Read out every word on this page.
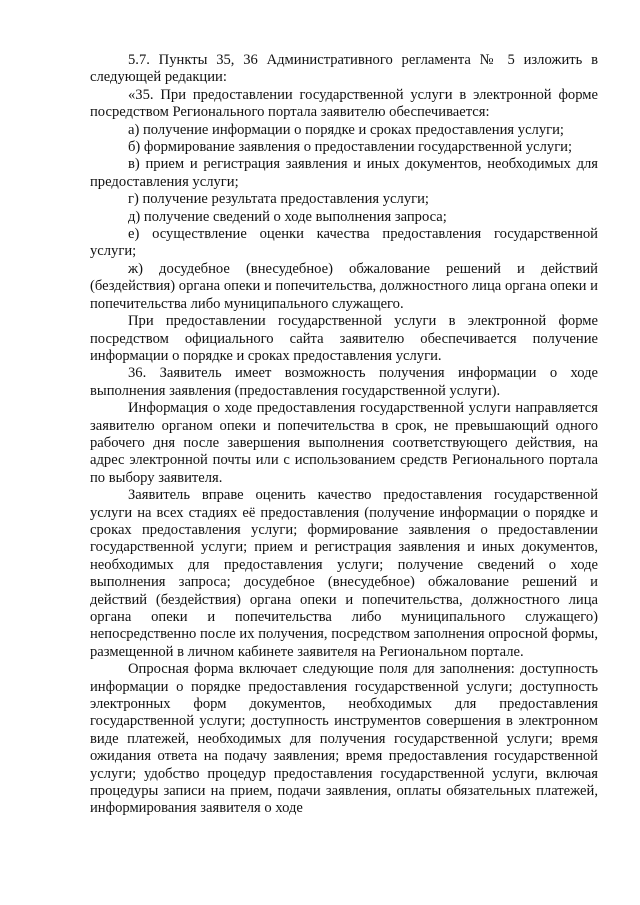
5.7. Пункты 35, 36 Административного регламента № 5 изложить в следующей редакции:

«35. При предоставлении государственной услуги в электронной форме посредством Регионального портала заявителю обеспечивается:

а) получение информации о порядке и сроках предоставления услуги;

б) формирование заявления о предоставлении государственной услуги;

в) прием и регистрация заявления и иных документов, необходимых для предоставления услуги;

г) получение результата предоставления услуги;

д) получение сведений о ходе выполнения запроса;

е) осуществление оценки качества предоставления государственной услуги;

ж) досудебное (внесудебное) обжалование решений и действий (бездействия) органа опеки и попечительства, должностного лица органа опеки и попечительства либо муниципального служащего.

При предоставлении государственной услуги в электронной форме посредством официального сайта заявителю обеспечивается получение информации о порядке и сроках предоставления услуги.

36. Заявитель имеет возможность получения информации о ходе выполнения заявления (предоставления государственной услуги).

Информация о ходе предоставления государственной услуги направляется заявителю органом опеки и попечительства в срок, не превышающий одного рабочего дня после завершения выполнения соответствующего действия, на адрес электронной почты или с использованием средств Регионального портала по выбору заявителя.

Заявитель вправе оценить качество предоставления государственной услуги на всех стадиях её предоставления (получение информации о порядке и сроках предоставления услуги; формирование заявления о предоставлении государственной услуги; прием и регистрация заявления и иных документов, необходимых для предоставления услуги; получение сведений о ходе выполнения запроса; досудебное (внесудебное) обжалование решений и действий (бездействия) органа опеки и попечительства, должностного лица органа опеки и попечительства либо муниципального служащего) непосредственно после их получения, посредством заполнения опросной формы, размещенной в личном кабинете заявителя на Региональном портале.

Опросная форма включает следующие поля для заполнения: доступность информации о порядке предоставления государственной услуги; доступность электронных форм документов, необходимых для предоставления государственной услуги; доступность инструментов совершения в электронном виде платежей, необходимых для получения государственной услуги; время ожидания ответа на подачу заявления; время предоставления государственной услуги; удобство процедур предоставления государственной услуги, включая процедуры записи на прием, подачи заявления, оплаты обязательных платежей, информирования заявителя о ходе
